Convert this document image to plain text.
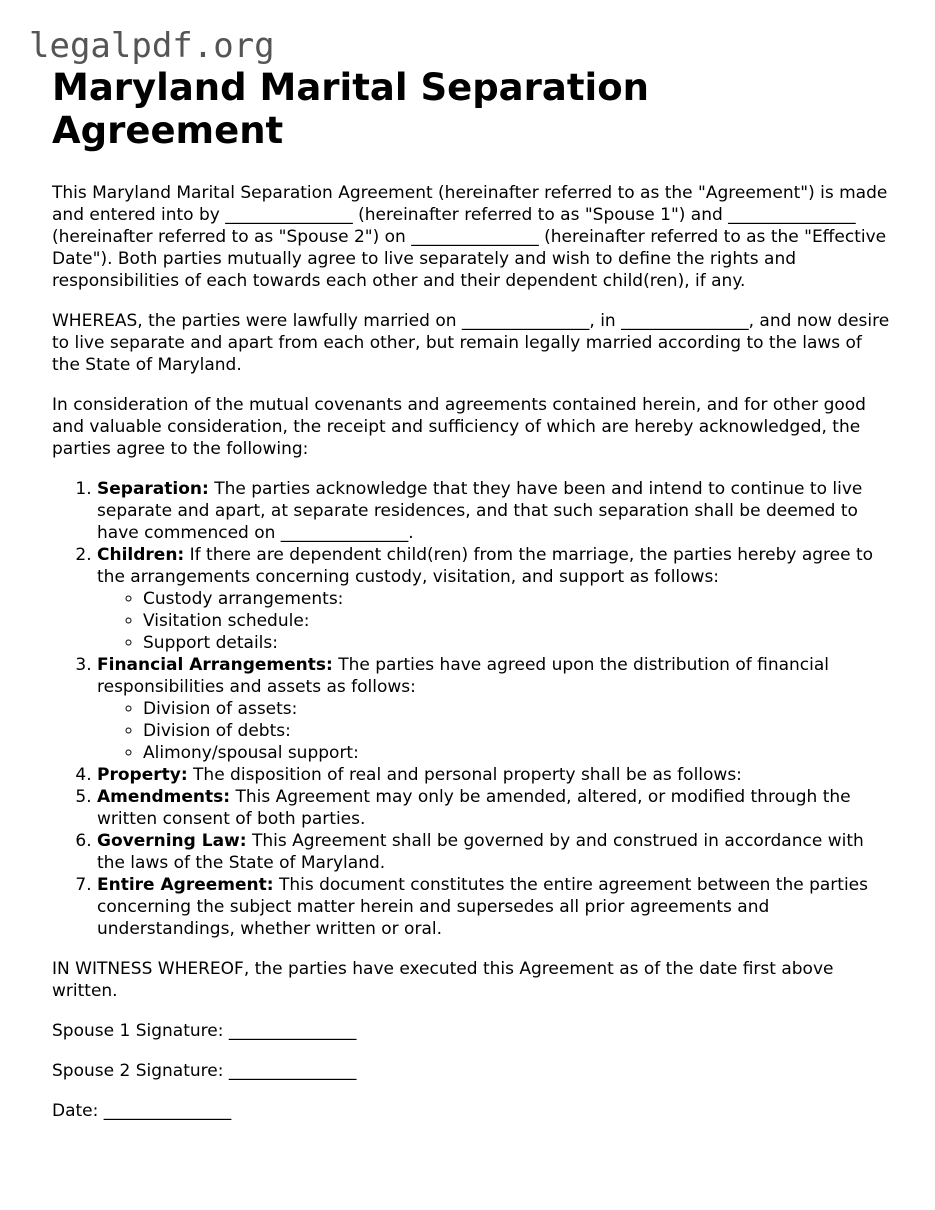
legalpdf.org
Maryland Marital Separation Agreement

This Maryland Marital Separation Agreement (hereinafter referred to as the "Agreement") is made and entered into by _______________ (hereinafter referred to as "Spouse 1") and _______________ (hereinafter referred to as "Spouse 2") on _______________ (hereinafter referred to as the "Effective Date"). Both parties mutually agree to live separately and wish to define the rights and responsibilities of each towards each other and their dependent child(ren), if any.

WHEREAS, the parties were lawfully married on _______________, in _______________, and now desire to live separate and apart from each other, but remain legally married according to the laws of the State of Maryland.

In consideration of the mutual covenants and agreements contained herein, and for other good and valuable consideration, the receipt and sufficiency of which are hereby acknowledged, the parties agree to the following:

1. Separation: The parties acknowledge that they have been and intend to continue to live separate and apart, at separate residences, and that such separation shall be deemed to have commenced on _______________.
2. Children: If there are dependent child(ren) from the marriage, the parties hereby agree to the arrangements concerning custody, visitation, and support as follows:
◦ Custody arrangements:
◦ Visitation schedule:
◦ Support details:
3. Financial Arrangements: The parties have agreed upon the distribution of financial responsibilities and assets as follows:
◦ Division of assets:
◦ Division of debts:
◦ Alimony/spousal support:
4. Property: The disposition of real and personal property shall be as follows:
5. Amendments: This Agreement may only be amended, altered, or modified through the written consent of both parties.
6. Governing Law: This Agreement shall be governed by and construed in accordance with the laws of the State of Maryland.
7. Entire Agreement: This document constitutes the entire agreement between the parties concerning the subject matter herein and supersedes all prior agreements and understandings, whether written or oral.

IN WITNESS WHEREOF, the parties have executed this Agreement as of the date first above written.

Spouse 1 Signature: _______________

Spouse 2 Signature: _______________

Date: _______________
